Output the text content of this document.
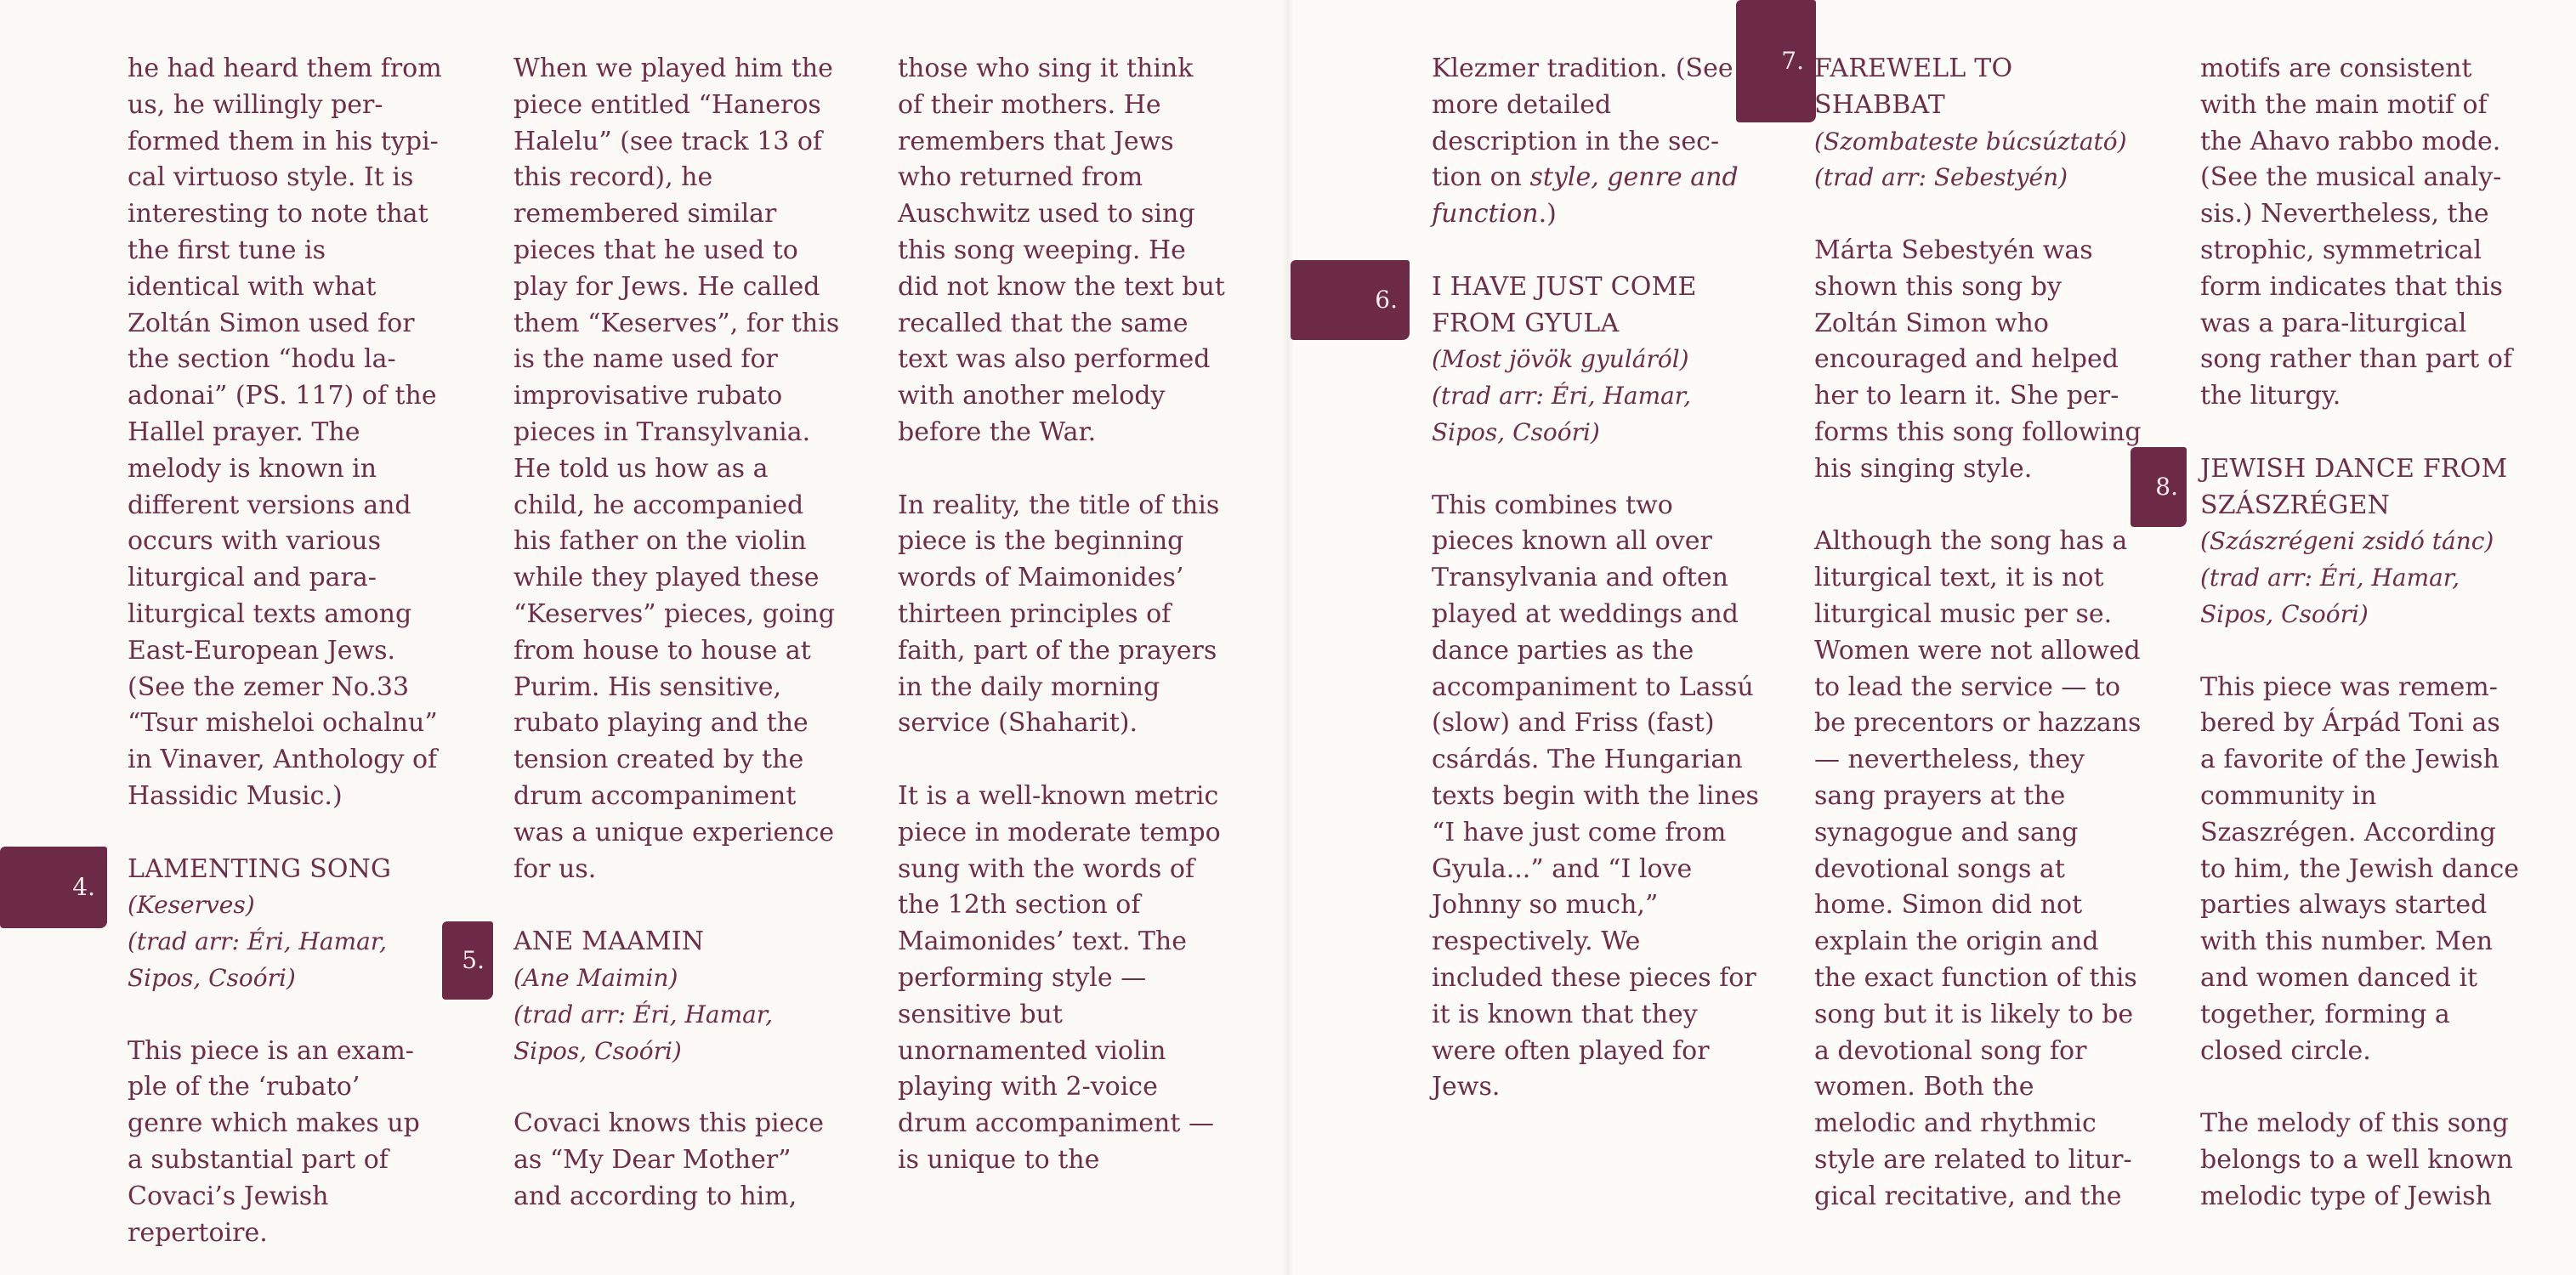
4.
5.
6.
7.
8.

he had heard them from us, he willingly performed them in his typical virtuoso style. It is interesting to note that the first tune is identical with what Zoltán Simon used for the section “hodu la-adonai” (PS. 117) of the Hallel prayer. The melody is known in different versions and occurs with various liturgical and para-liturgical texts among East-European Jews. (See the zemer No.33 “Tsur misheloi ochalnu” in Vinaver, Anthology of Hassidic Music.)

LAMENTING SONG
(Keserves)
(trad arr: Éri, Hamar, Sipos, Csoóri)

This piece is an example of the ‘rubato’ genre which makes up a substantial part of Covaci’s Jewish repertoire.

When we played him the piece entitled “Haneros Halelu” (see track 13 of this record), he remembered similar pieces that he used to play for Jews. He called them “Keserves”, for this is the name used for improvisative rubato pieces in Transylvania. He told us how as a child, he accompanied his father on the violin while they played these “Keserves” pieces, going from house to house at Purim. His sensitive, rubato playing and the tension created by the drum accompaniment was a unique experience for us.

ANE MAAMIN
(Ane Maimin)
(trad arr: Éri, Hamar, Sipos, Csoóri)

Covaci knows this piece as “My Dear Mother” and according to him,

those who sing it think of their mothers. He remembers that Jews who returned from Auschwitz used to sing this song weeping. He did not know the text but recalled that the same text was also performed with another melody before the War.

In reality, the title of this piece is the beginning words of Maimonides’ thirteen principles of faith, part of the prayers in the daily morning service (Shaharit).

It is a well-known metric piece in moderate tempo sung with the words of the 12th section of Maimonides’ text. The performing style — sensitive but unornamented violin playing with 2-voice drum accompaniment — is unique to the

Klezmer tradition. (See more detailed description in the section on style, genre and function.)

I HAVE JUST COME FROM GYULA
(Most jövök gyuláról)
(trad arr: Éri, Hamar, Sipos, Csoóri)

This combines two pieces known all over Transylvania and often played at weddings and dance parties as the accompaniment to Lassú (slow) and Friss (fast) csárdás. The Hungarian texts begin with the lines “I have just come from Gyula...” and “I love Johnny so much,” respectively. We included these pieces for it is known that they were often played for Jews.

FAREWELL TO SHABBAT
(Szombateste búcsúztató)
(trad arr: Sebestyén)

Márta Sebestyén was shown this song by Zoltán Simon who encouraged and helped her to learn it. She performs this song following his singing style.

Although the song has a liturgical text, it is not liturgical music per se. Women were not allowed to lead the service — to be precentors or hazzans — nevertheless, they sang prayers at the synagogue and sang devotional songs at home. Simon did not explain the origin and the exact function of this song but it is likely to be a devotional song for women. Both the melodic and rhythmic style are related to liturgical recitative, and the

motifs are consistent with the main motif of the Ahavo rabbo mode. (See the musical analysis.) Nevertheless, the strophic, symmetrical form indicates that this was a para-liturgical song rather than part of the liturgy.

JEWISH DANCE FROM SZÁSZRÉGEN
(Szászrégeni zsidó tánc)
(trad arr: Éri, Hamar, Sipos, Csoóri)

This piece was remembered by Árpád Toni as a favorite of the Jewish community in Szaszrégen. According to him, the Jewish dance parties always started with this number. Men and women danced it together, forming a closed circle.

The melody of this song belongs to a well known melodic type of Jewish
